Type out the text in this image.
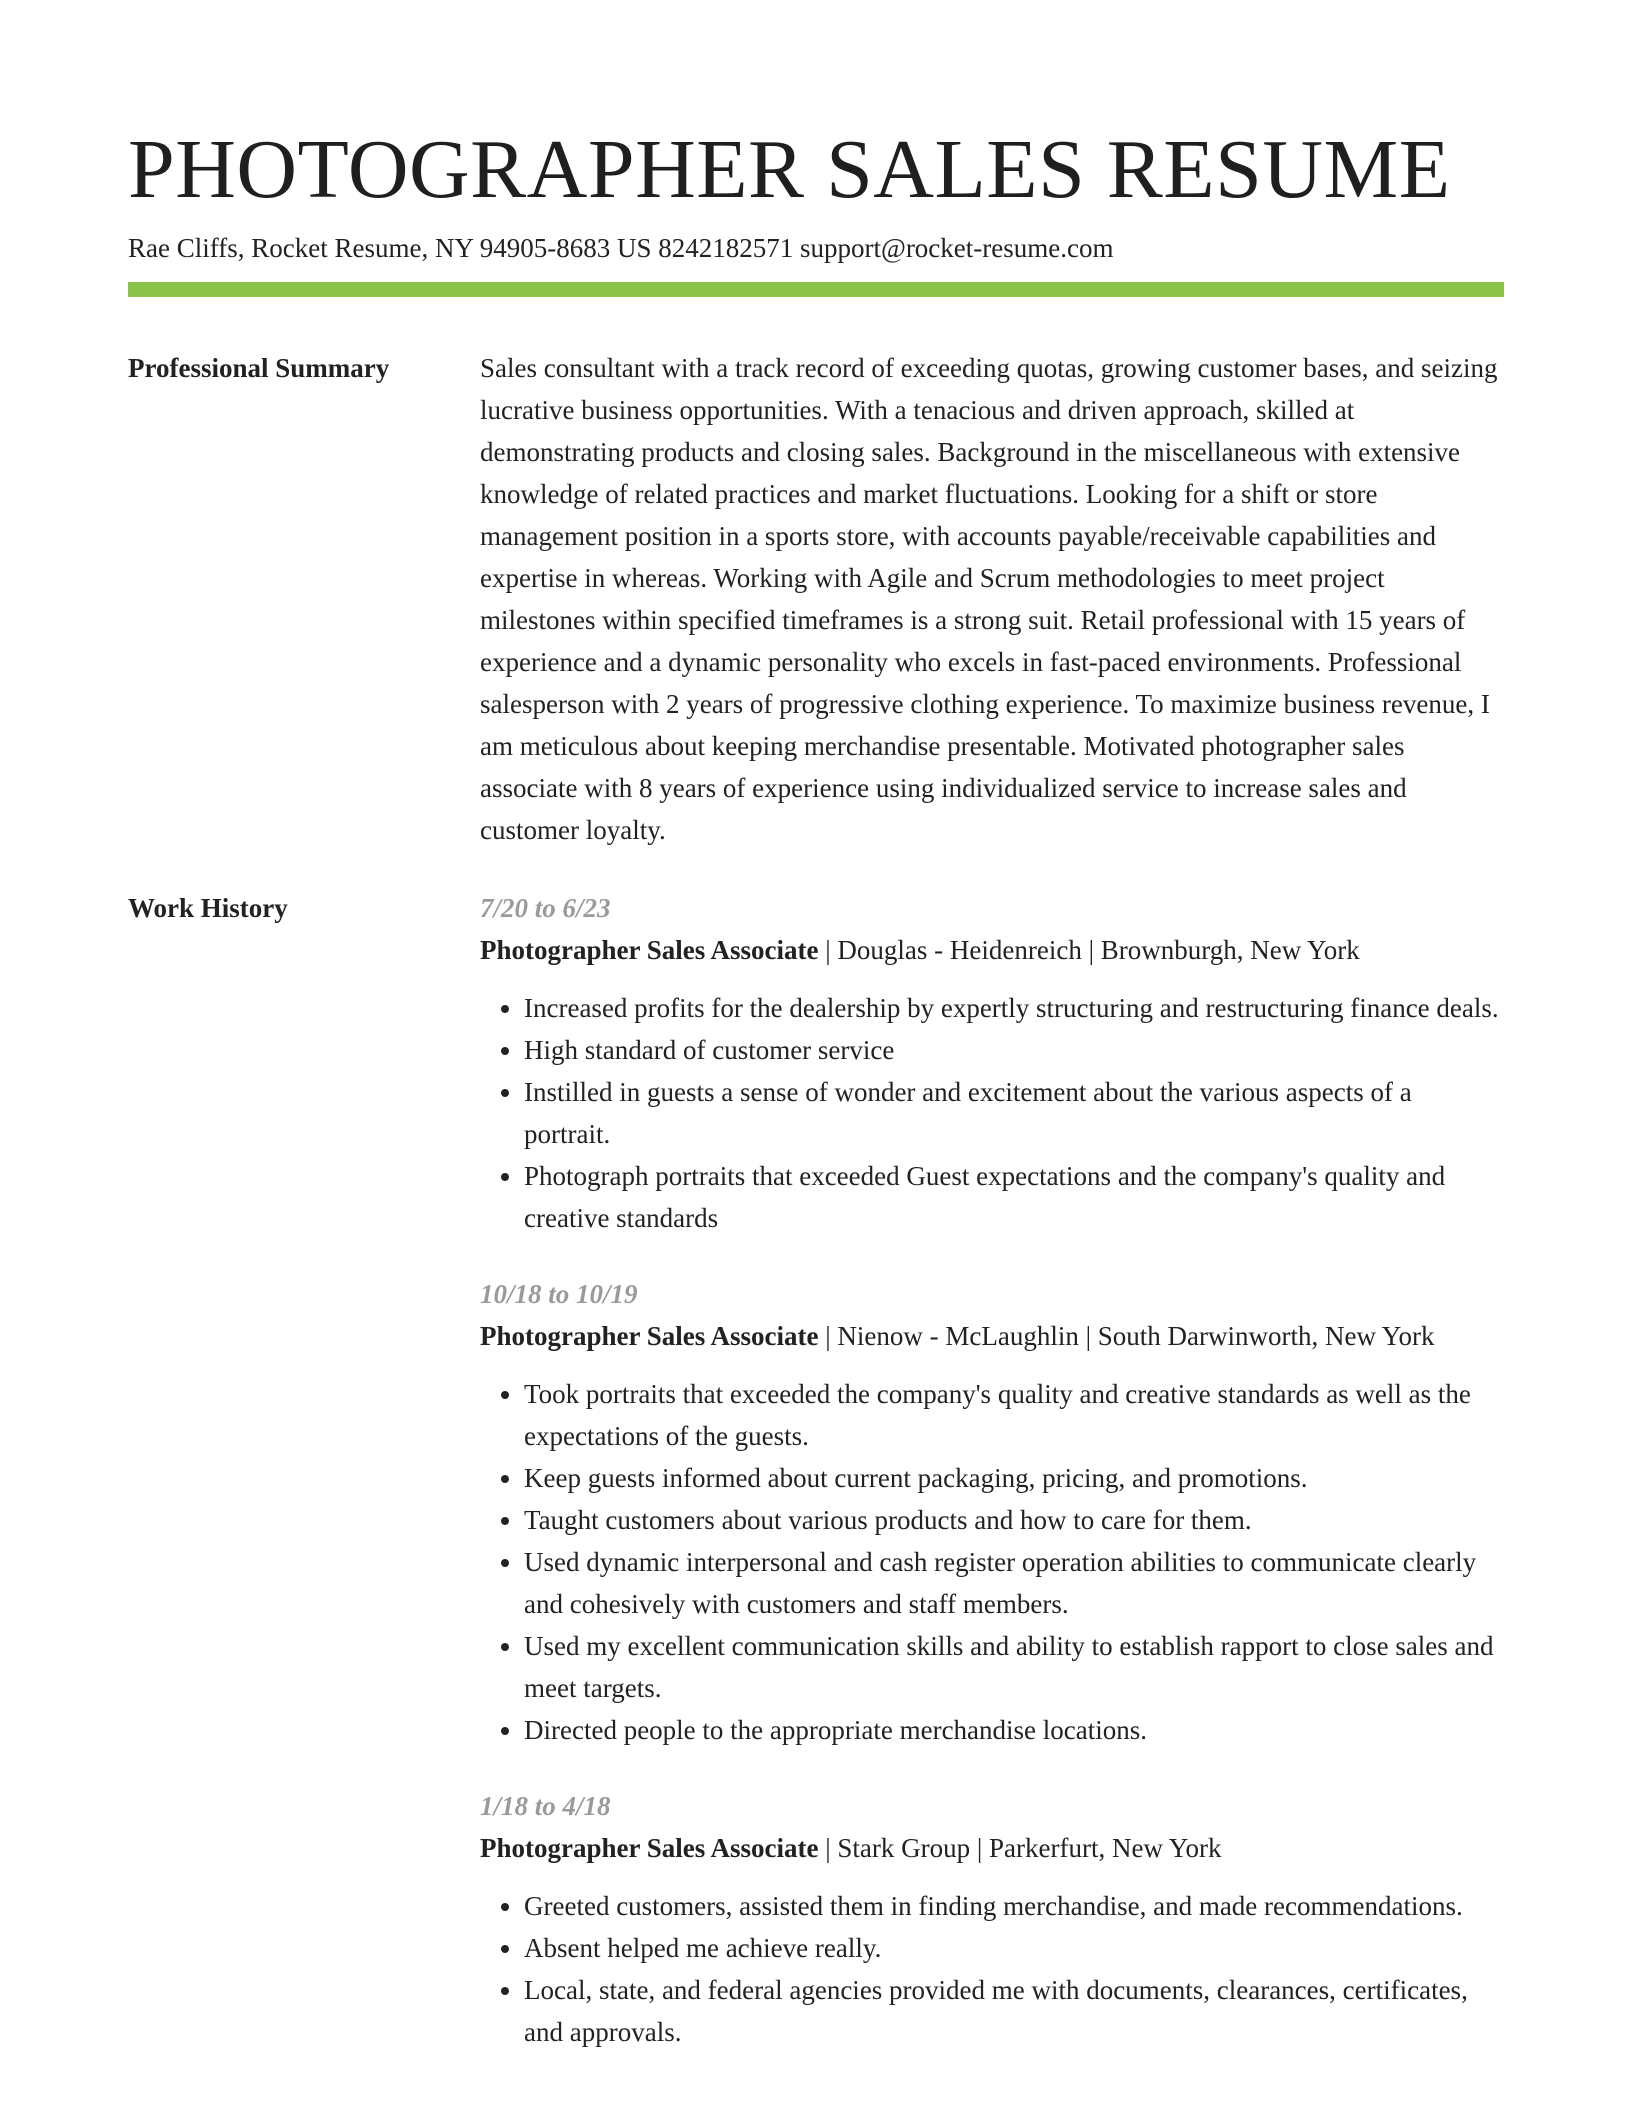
PHOTOGRAPHER SALES RESUME
Rae Cliffs, Rocket Resume, NY 94905-8683 US 8242182571 support@rocket-resume.com
Professional Summary	Sales consultant with a track record of exceeding quotas, growing customer bases, and seizing lucrative business opportunities. With a tenacious and driven approach, skilled at demonstrating products and closing sales. Background in the miscellaneous with extensive knowledge of related practices and market fluctuations. Looking for a shift or store management position in a sports store, with accounts payable/receivable capabilities and expertise in whereas. Working with Agile and Scrum methodologies to meet project milestones within specified timeframes is a strong suit. Retail professional with 15 years of experience and a dynamic personality who excels in fast-paced environments. Professional salesperson with 2 years of progressive clothing experience. To maximize business revenue, I am meticulous about keeping merchandise presentable. Motivated photographer sales associate with 8 years of experience using individualized service to increase sales and customer loyalty.

Work History	7/20 to 6/23
Photographer Sales Associate | Douglas - Heidenreich | Brownburgh, New York
• Increased profits for the dealership by expertly structuring and restructuring finance deals.
• High standard of customer service
• Instilled in guests a sense of wonder and excitement about the various aspects of a portrait.
• Photograph portraits that exceeded Guest expectations and the company's quality and creative standards
10/18 to 10/19
Photographer Sales Associate | Nienow - McLaughlin | South Darwinworth, New York
• Took portraits that exceeded the company's quality and creative standards as well as the expectations of the guests.
• Keep guests informed about current packaging, pricing, and promotions.
• Taught customers about various products and how to care for them.
• Used dynamic interpersonal and cash register operation abilities to communicate clearly and cohesively with customers and staff members.
• Used my excellent communication skills and ability to establish rapport to close sales and meet targets.
• Directed people to the appropriate merchandise locations.
1/18 to 4/18
Photographer Sales Associate | Stark Group | Parkerfurt, New York
• Greeted customers, assisted them in finding merchandise, and made recommendations.
• Absent helped me achieve really.
• Local, state, and federal agencies provided me with documents, clearances, certificates, and approvals.
